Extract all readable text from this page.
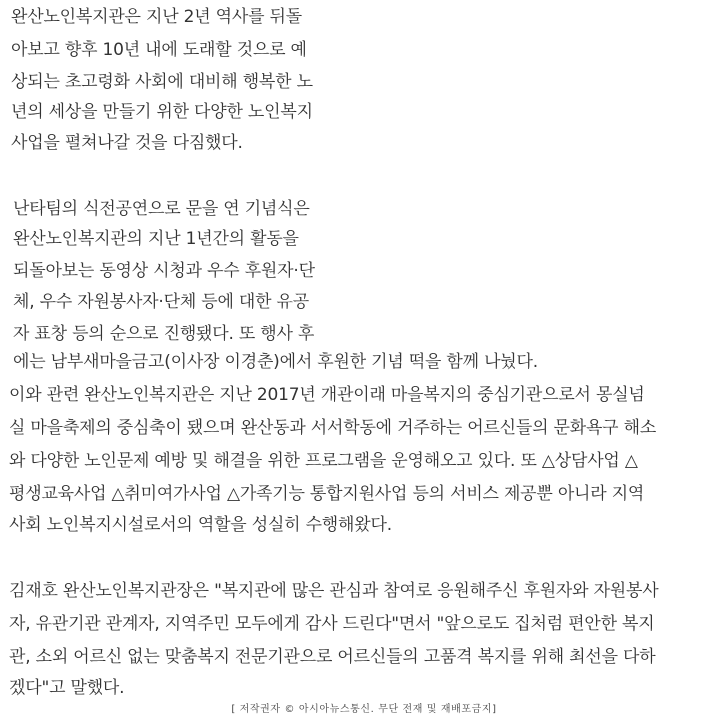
완산노인복지관은 지난 2년 역사를 뒤돌
아보고 향후 10년 내에 도래할 것으로 예
상되는 초고령화 사회에 대비해 행복한 노
년의 세상을 만들기 위한 다양한 노인복지
사업을 펼쳐나갈 것을 다짐했다.
난타팀의 식전공연으로 문을 연 기념식은
완산노인복지관의 지난 1년간의 활동을
되돌아보는 동영상 시청과 우수 후원자·단
체, 우수 자원봉사자·단체 등에 대한 유공
자 표창 등의 순으로 진행됐다. 또 행사 후
에는 남부새마을금고(이사장 이경춘)에서 후원한 기념 떡을 함께 나눴다.
이와 관련 완산노인복지관은 지난 2017년 개관이래 마을복지의 중심기관으로서 몽실넘
실 마을축제의 중심축이 됐으며 완산동과 서서학동에 거주하는 어르신들의 문화욕구 해소
와 다양한 노인문제 예방 및 해결을 위한 프로그램을 운영해오고 있다. 또 △상담사업 △
평생교육사업 △취미여가사업 △가족기능 통합지원사업 등의 서비스 제공뿐 아니라 지역
사회 노인복지시설로서의 역할을 성실히 수행해왔다.
김재호 완산노인복지관장은 "복지관에 많은 관심과 참여로 응원해주신 후원자와 자원봉사
자, 유관기관 관계자, 지역주민 모두에게 감사 드린다"면서 "앞으로도 집처럼 편안한 복지
관, 소외 어르신 없는 맞춤복지 전문기관으로 어르신들의 고품격 복지를 위해 최선을 다하
겠다"고 말했다.
[ 저작권자 © 아시아뉴스통신. 무단 전재 및 재배포금지]
